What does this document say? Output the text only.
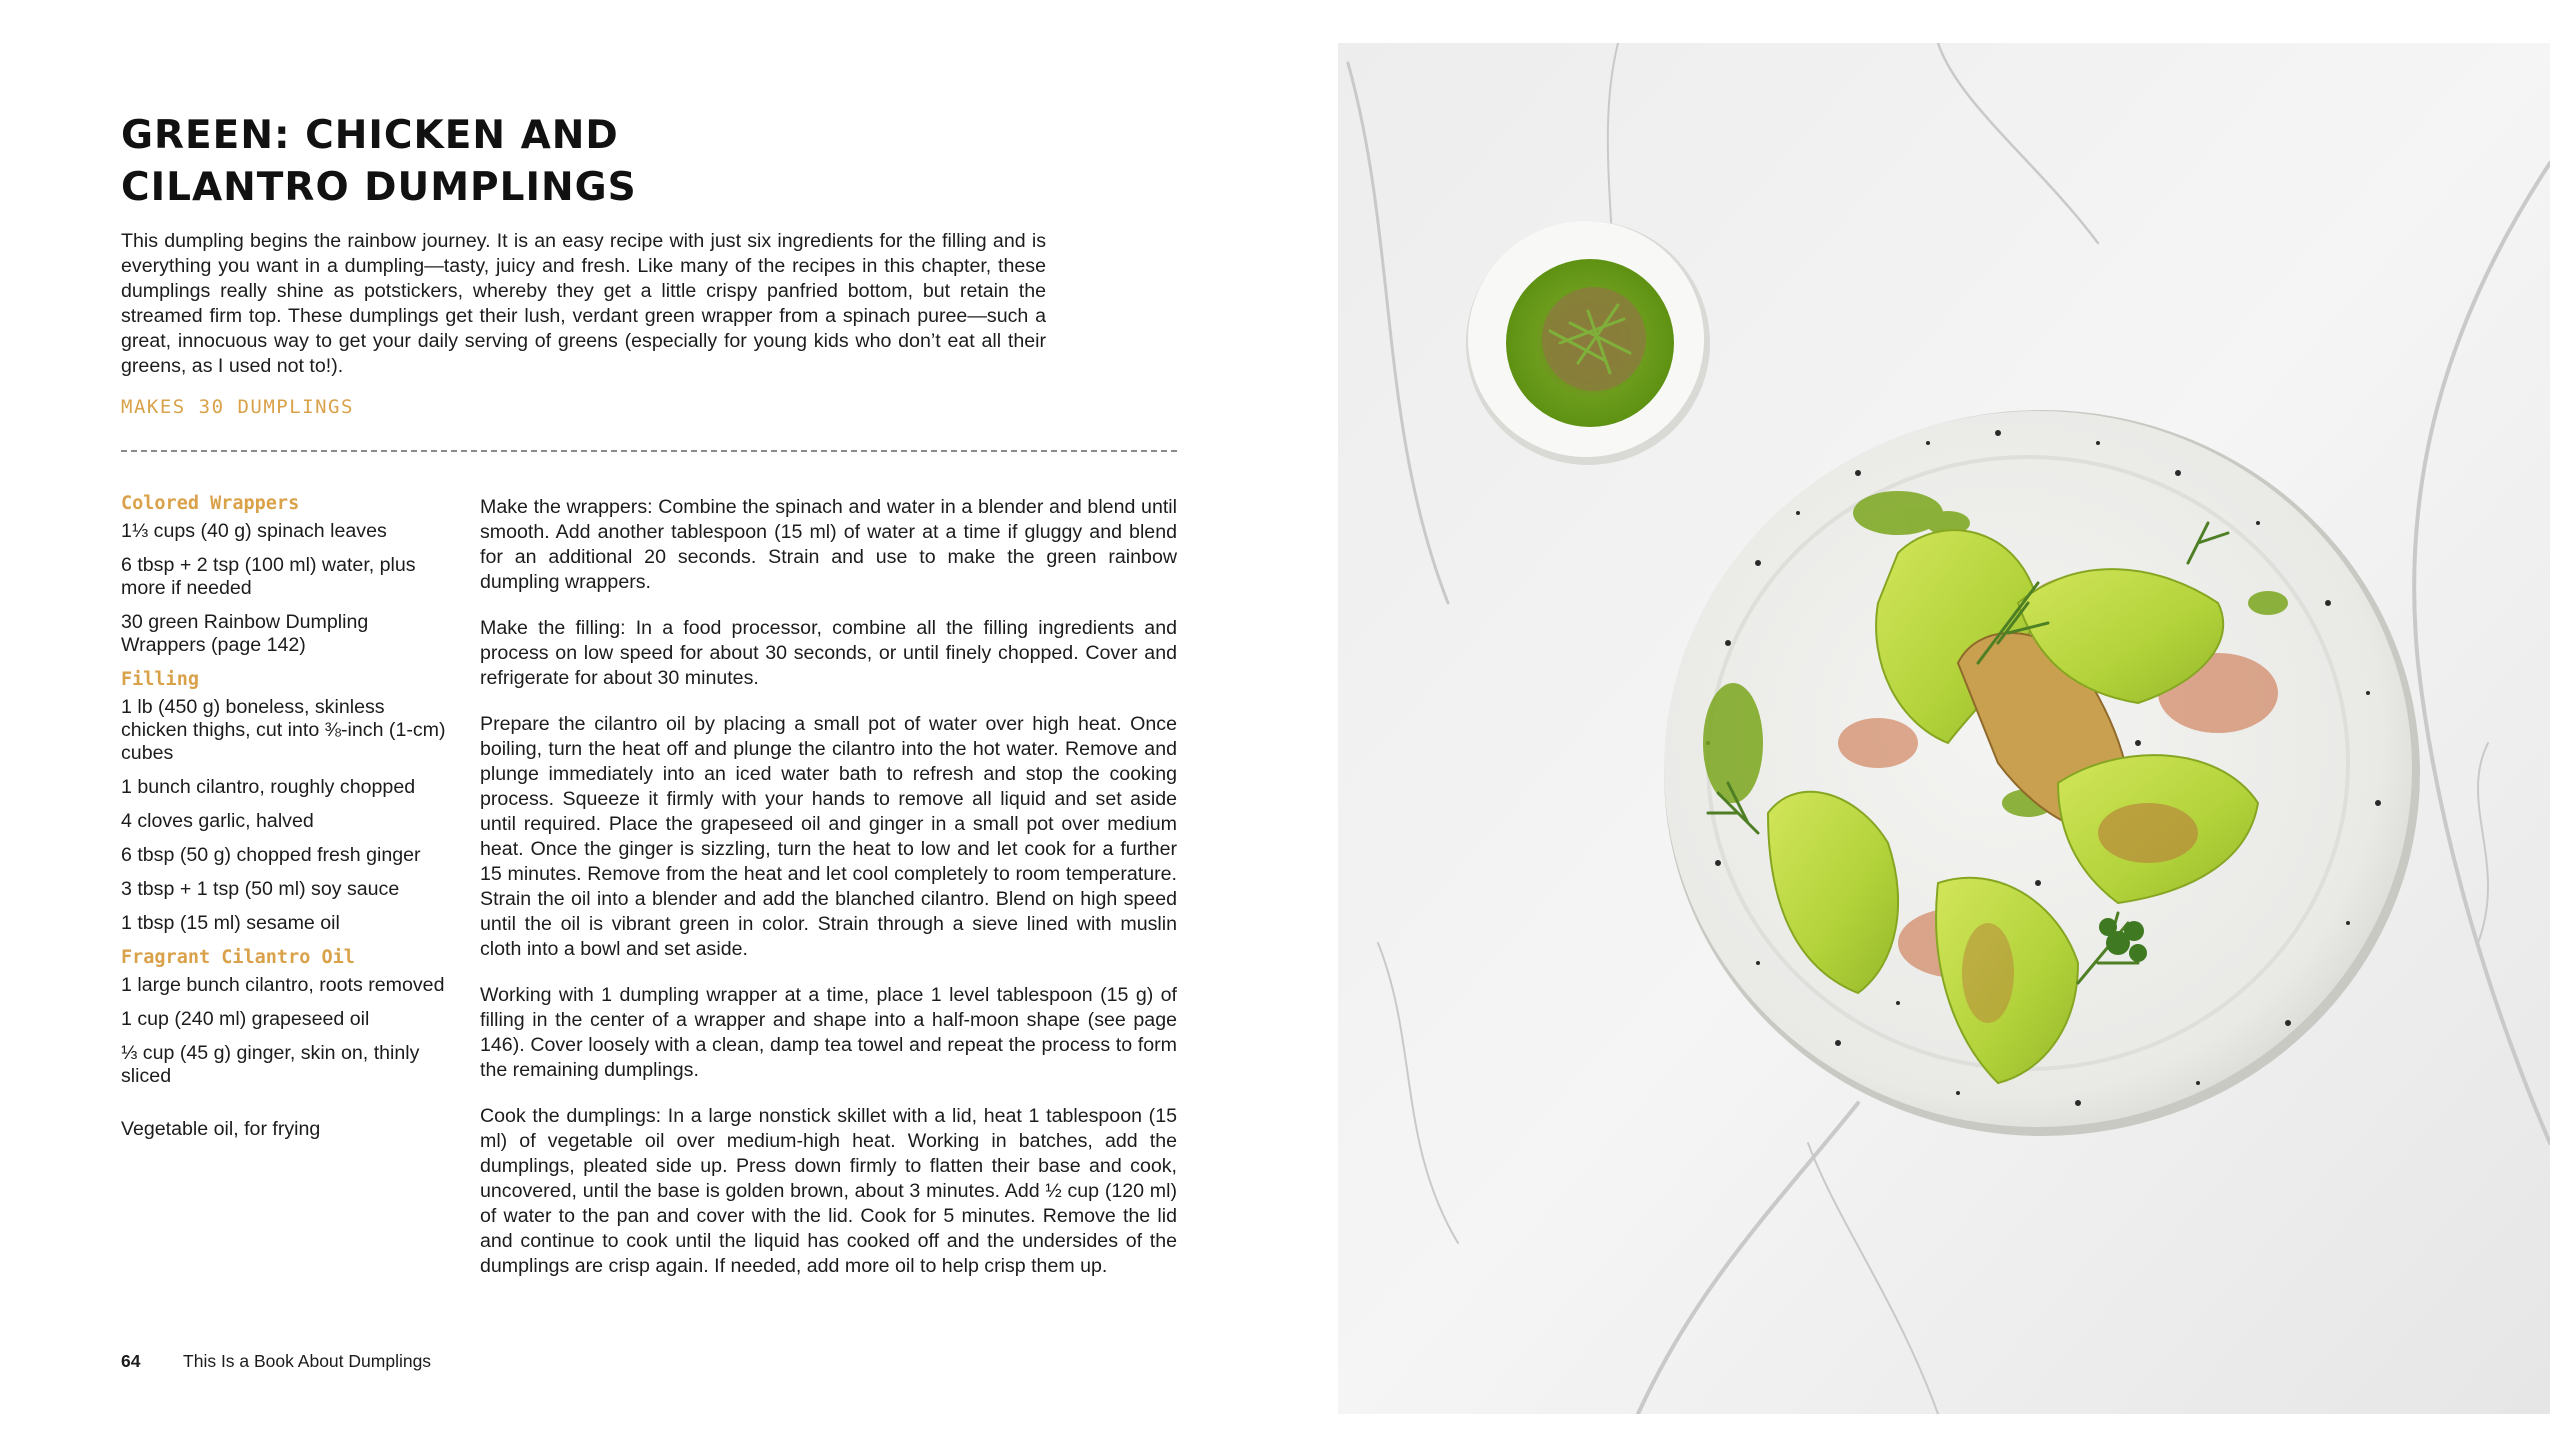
GREEN: CHICKEN AND
CILANTRO DUMPLINGS

This dumpling begins the rainbow journey. It is an easy recipe with just six ingredients for the filling and is everything you want in a dumpling—tasty, juicy and fresh. Like many of the recipes in this chapter, these dumplings really shine as potstickers, whereby they get a little crispy panfried bottom, but retain the streamed firm top. These dumplings get their lush, verdant green wrapper from a spinach puree—such a great, innocuous way to get your daily serving of greens (especially for young kids who don’t eat all their greens, as I used not to!).

MAKES 30 DUMPLINGS

Colored Wrappers
1⅓ cups (40 g) spinach leaves
6 tbsp + 2 tsp (100 ml) water, plus more if needed
30 green Rainbow Dumpling Wrappers (page 142)
Filling
1 lb (450 g) boneless, skinless chicken thighs, cut into ⅜-inch (1-cm) cubes
1 bunch cilantro, roughly chopped
4 cloves garlic, halved
6 tbsp (50 g) chopped fresh ginger
3 tbsp + 1 tsp (50 ml) soy sauce
1 tbsp (15 ml) sesame oil
Fragrant Cilantro Oil
1 large bunch cilantro, roots removed
1 cup (240 ml) grapeseed oil
⅓ cup (45 g) ginger, skin on, thinly sliced
Vegetable oil, for frying

Make the wrappers: Combine the spinach and water in a blender and blend until smooth. Add another tablespoon (15 ml) of water at a time if gluggy and blend for an additional 20 seconds. Strain and use to make the green rainbow dumpling wrappers.

Make the filling: In a food processor, combine all the filling ingredients and process on low speed for about 30 seconds, or until finely chopped. Cover and refrigerate for about 30 minutes.

Prepare the cilantro oil by placing a small pot of water over high heat. Once boiling, turn the heat off and plunge the cilantro into the hot water. Remove and plunge immediately into an iced water bath to refresh and stop the cooking process. Squeeze it firmly with your hands to remove all liquid and set aside until required. Place the grapeseed oil and ginger in a small pot over medium heat. Once the ginger is sizzling, turn the heat to low and let cook for a further 15 minutes. Remove from the heat and let cool completely to room temperature. Strain the oil into a blender and add the blanched cilantro. Blend on high speed until the oil is vibrant green in color. Strain through a sieve lined with muslin cloth into a bowl and set aside.

Working with 1 dumpling wrapper at a time, place 1 level tablespoon (15 g) of filling in the center of a wrapper and shape into a half-moon shape (see page 146). Cover loosely with a clean, damp tea towel and repeat the process to form the remaining dumplings.

Cook the dumplings: In a large nonstick skillet with a lid, heat 1 tablespoon (15 ml) of vegetable oil over medium-high heat. Working in batches, add the dumplings, pleated side up. Press down firmly to flatten their base and cook, uncovered, until the base is golden brown, about 3 minutes. Add ½ cup (120 ml) of water to the pan and cover with the lid. Cook for 5 minutes. Remove the lid and continue to cook until the liquid has cooked off and the undersides of the dumplings are crisp again. If needed, add more oil to help crisp them up.

64 This Is a Book About Dumplings
